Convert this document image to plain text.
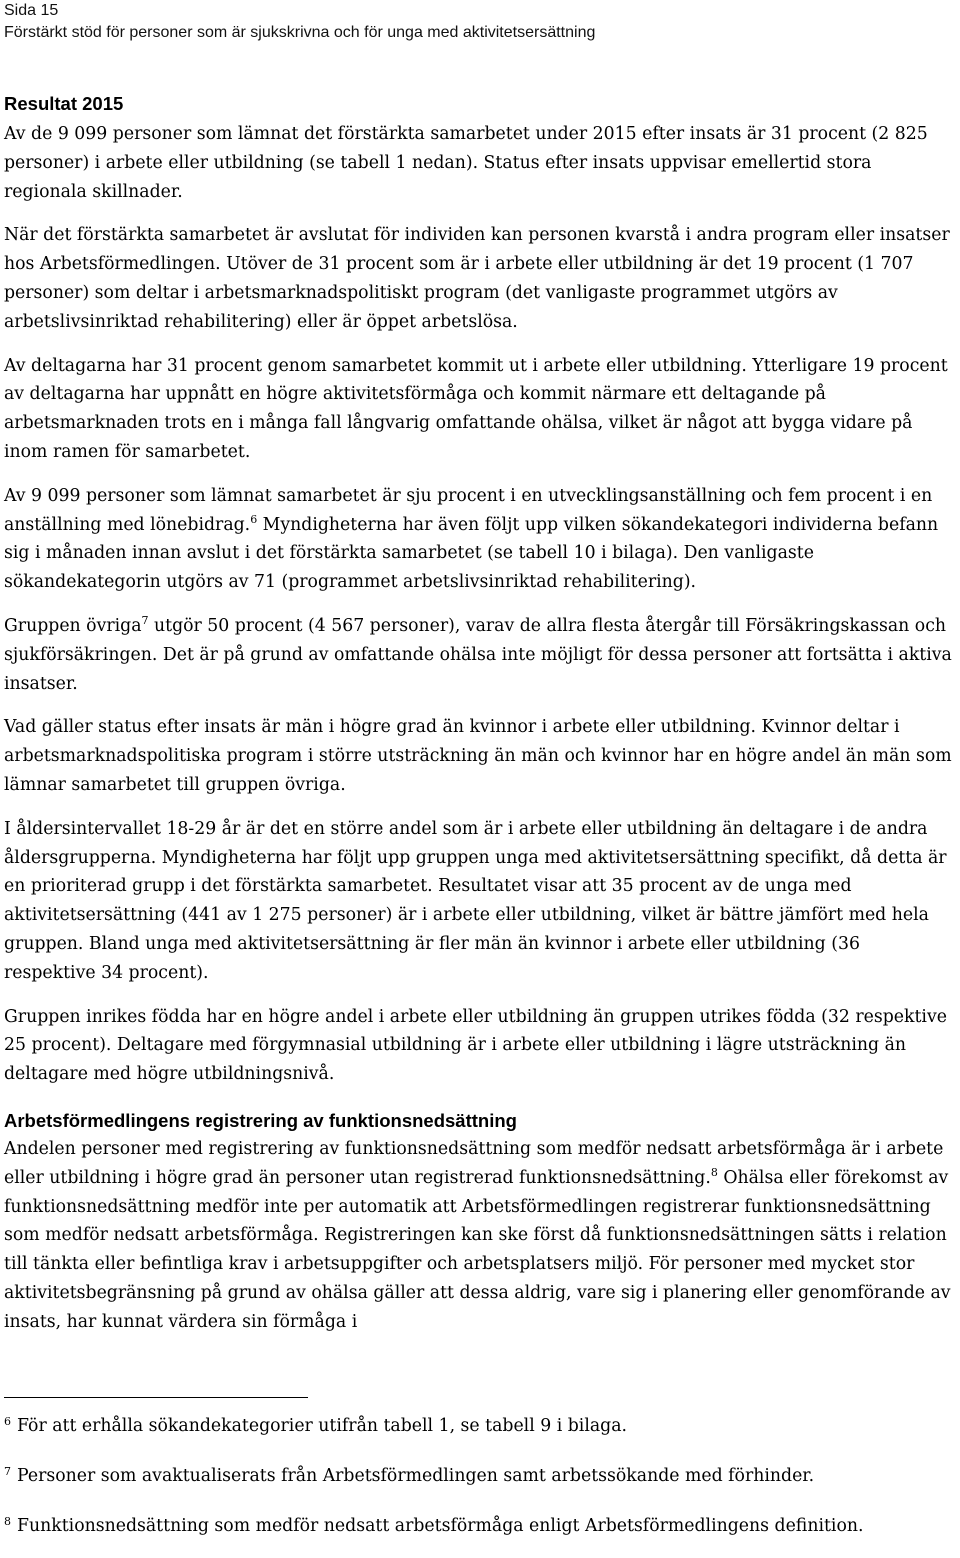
Sida 15
Förstärkt stöd för personer som är sjukskrivna och för unga med aktivitetsersättning
Resultat 2015

Av de 9 099 personer som lämnat det förstärkta samarbetet under 2015 efter insats är 31 procent (2 825 personer) i arbete eller utbildning (se tabell 1 nedan). Status efter insats uppvisar emellertid stora regionala skillnader.

När det förstärkta samarbetet är avslutat för individen kan personen kvarstå i andra program eller insatser hos Arbetsförmedlingen. Utöver de 31 procent som är i arbete eller utbildning är det 19 procent (1 707 personer) som deltar i arbetsmarknadspolitiskt program (det vanligaste programmet utgörs av arbetslivsinriktad rehabilitering) eller är öppet arbetslösa.

Av deltagarna har 31 procent genom samarbetet kommit ut i arbete eller utbildning. Ytterligare 19 procent av deltagarna har uppnått en högre aktivitetsförmåga och kommit närmare ett deltagande på arbetsmarknaden trots en i många fall långvarig omfattande ohälsa, vilket är något att bygga vidare på inom ramen för samarbetet.

Av 9 099 personer som lämnat samarbetet är sju procent i en utvecklingsanställning och fem procent i en anställning med lönebidrag.$^6$ Myndigheterna har även följt upp vilken sökandekategori individerna befann sig i månaden innan avslut i det förstärkta samarbetet (se tabell 10 i bilaga). Den vanligaste sökandekategorin utgörs av 71 (programmet arbetslivsinriktad rehabilitering).

Gruppen övriga$^7$ utgör 50 procent (4 567 personer), varav de allra flesta återgår till Försäkringskassan och sjukförsäkringen. Det är på grund av omfattande ohälsa inte möjligt för dessa personer att fortsätta i aktiva insatser.

Vad gäller status efter insats är män i högre grad än kvinnor i arbete eller utbildning. Kvinnor deltar i arbetsmarknadspolitiska program i större utsträckning än män och kvinnor har en högre andel än män som lämnar samarbetet till gruppen övriga.

I åldersintervallet 18-29 år är det en större andel som är i arbete eller utbildning än deltagare i de andra åldersgrupperna. Myndigheterna har följt upp gruppen unga med aktivitetsersättning specifikt, då detta är en prioriterad grupp i det förstärkta samarbetet. Resultatet visar att 35 procent av de unga med aktivitetsersättning (441 av 1 275 personer) är i arbete eller utbildning, vilket är bättre jämfört med hela gruppen. Bland unga med aktivitetsersättning är fler män än kvinnor i arbete eller utbildning (36 respektive 34 procent).

Gruppen inrikes födda har en högre andel i arbete eller utbildning än gruppen utrikes födda (32 respektive 25 procent). Deltagare med förgymnasial utbildning är i arbete eller utbildning i lägre utsträckning än deltagare med högre utbildningsnivå.

Arbetsförmedlingens registrering av funktionsnedsättning

Andelen personer med registrering av funktionsnedsättning som medför nedsatt arbetsförmåga är i arbete eller utbildning i högre grad än personer utan registrerad funktionsnedsättning.$^8$ Ohälsa eller förekomst av funktionsnedsättning medför inte per automatik att Arbetsförmedlingen registrerar funktionsnedsättning som medför nedsatt arbetsförmåga. Registreringen kan ske först då funktionsnedsättningen sätts i relation till tänkta eller befintliga krav i arbetsuppgifter och arbetsplatsers miljö. För personer med mycket stor aktivitetsbegränsning på grund av ohälsa gäller att dessa aldrig, vare sig i planering eller genomförande av insats, har kunnat värdera sin förmåga i

$^6$ För att erhålla sökandekategorier utifrån tabell 1, se tabell 9 i bilaga.
$^7$ Personer som avaktualiserats från Arbetsförmedlingen samt arbetssökande med förhinder.
$^8$ Funktionsnedsättning som medför nedsatt arbetsförmåga enligt Arbetsförmedlingens definition.
